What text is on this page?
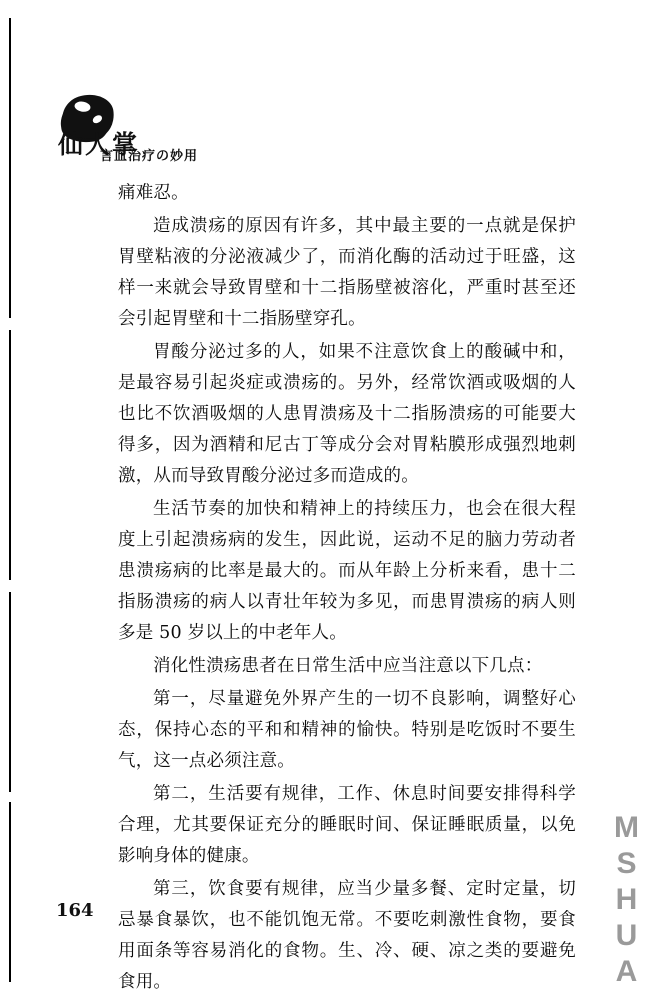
仙人掌
言血治疗の妙用

痛难忍。

造成溃疡的原因有许多，其中最主要的一点就是保护胃壁粘液的分泌液减少了，而消化酶的活动过于旺盛，这样一来就会导致胃壁和十二指肠壁被溶化，严重时甚至还会引起胃壁和十二指肠壁穿孔。

胃酸分泌过多的人，如果不注意饮食上的酸碱中和，是最容易引起炎症或溃疡的。另外，经常饮酒或吸烟的人也比不饮酒吸烟的人患胃溃疡及十二指肠溃疡的可能要大得多，因为酒精和尼古丁等成分会对胃粘膜形成强烈地刺激，从而导致胃酸分泌过多而造成的。

生活节奏的加快和精神上的持续压力，也会在很大程度上引起溃疡病的发生，因此说，运动不足的脑力劳动者患溃疡病的比率是最大的。而从年龄上分析来看，患十二指肠溃疡的病人以青壮年较为多见，而患胃溃疡的病人则多是 50 岁以上的中老年人。

消化性溃疡患者在日常生活中应当注意以下几点：

第一，尽量避免外界产生的一切不良影响，调整好心态，保持心态的平和和精神的愉快。特别是吃饭时不要生气，这一点必须注意。

第二，生活要有规律，工作、休息时间要安排得科学合理，尤其要保证充分的睡眠时间、保证睡眠质量，以免影响身体的健康。

第三，饮食要有规律，应当少量多餐、定时定量，切忌暴食暴饮，也不能饥饱无常。不要吃刺激性食物，要食用面条等容易消化的食物。生、冷、硬、凉之类的要避免食用。

164	MSHUA
